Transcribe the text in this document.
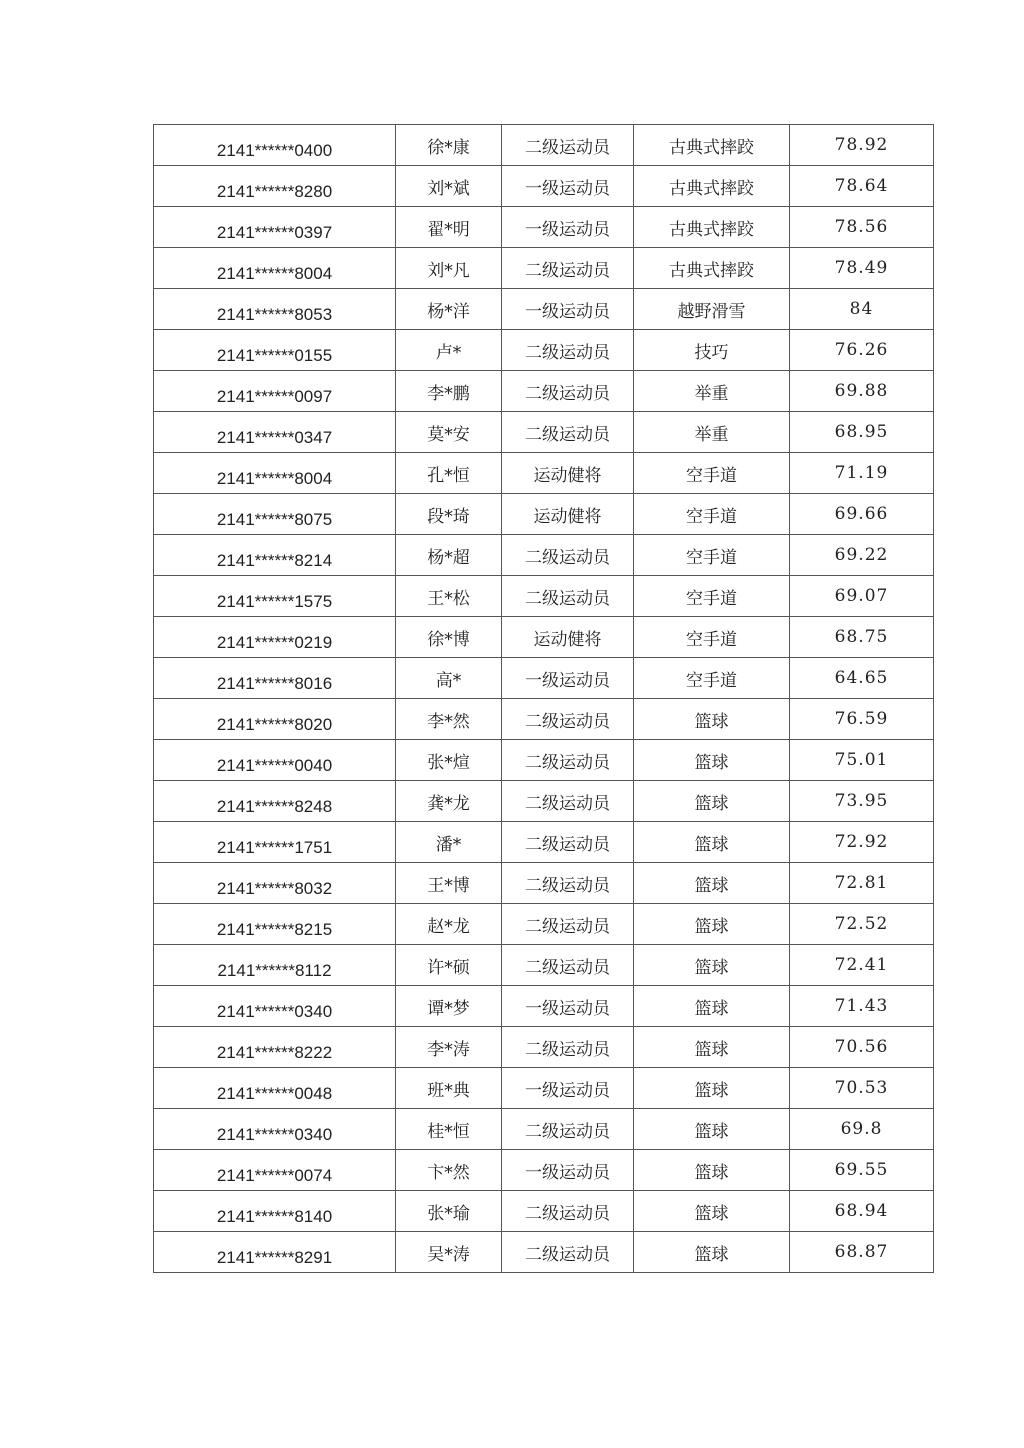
2141******0400	徐*康	二级运动员	古典式摔跤	78.92
2141******8280	刘*斌	一级运动员	古典式摔跤	78.64
2141******0397	翟*明	一级运动员	古典式摔跤	78.56
2141******8004	刘*凡	二级运动员	古典式摔跤	78.49
2141******8053	杨*洋	一级运动员	越野滑雪	84
2141******0155	卢*	二级运动员	技巧	76.26
2141******0097	李*鹏	二级运动员	举重	69.88
2141******0347	莫*安	二级运动员	举重	68.95
2141******8004	孔*恒	运动健将	空手道	71.19
2141******8075	段*琦	运动健将	空手道	69.66
2141******8214	杨*超	二级运动员	空手道	69.22
2141******1575	王*松	二级运动员	空手道	69.07
2141******0219	徐*博	运动健将	空手道	68.75
2141******8016	高*	一级运动员	空手道	64.65
2141******8020	李*然	二级运动员	篮球	76.59
2141******0040	张*煊	二级运动员	篮球	75.01
2141******8248	龚*龙	二级运动员	篮球	73.95
2141******1751	潘*	二级运动员	篮球	72.92
2141******8032	王*博	二级运动员	篮球	72.81
2141******8215	赵*龙	二级运动员	篮球	72.52
2141******8112	许*硕	二级运动员	篮球	72.41
2141******0340	谭*梦	一级运动员	篮球	71.43
2141******8222	李*涛	二级运动员	篮球	70.56
2141******0048	班*典	一级运动员	篮球	70.53
2141******0340	桂*恒	二级运动员	篮球	69.8
2141******0074	卞*然	一级运动员	篮球	69.55
2141******8140	张*瑜	二级运动员	篮球	68.94
2141******8291	吴*涛	二级运动员	篮球	68.87
